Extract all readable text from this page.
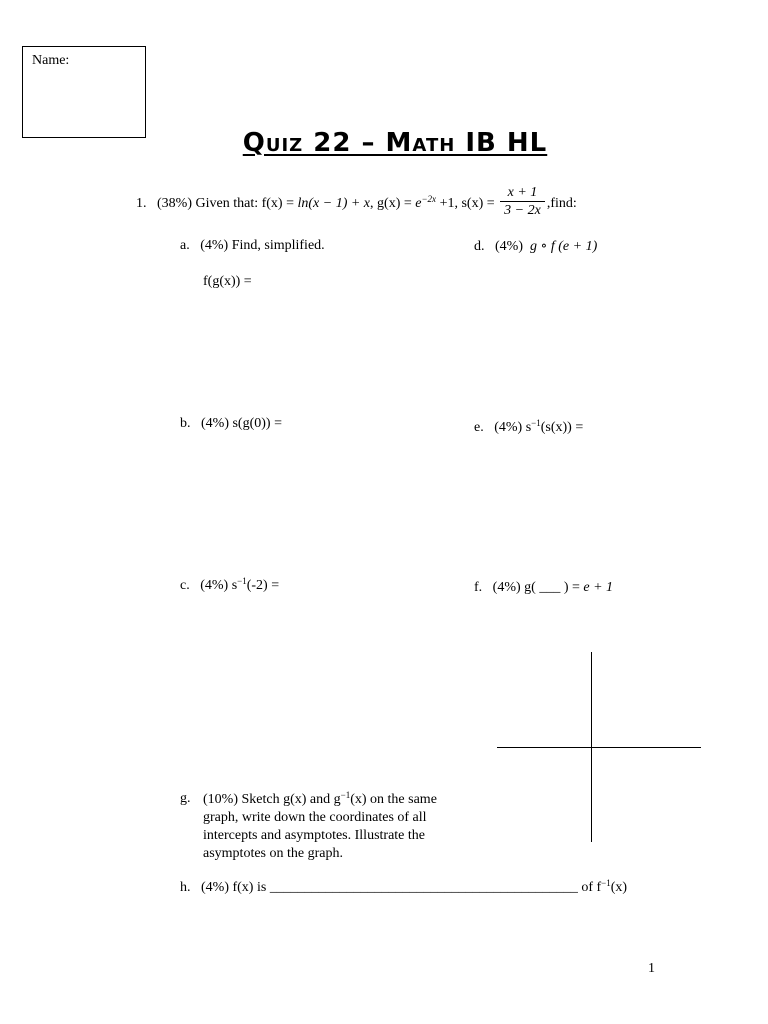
Name:
Quiz 22 – Math IB HL
1. (38%) Given that: f(x) = ln(x − 1) + x, $g(x) = e^{-2x} +1$, $s(x) = \frac{x + 1}{3 - 2x}$ ,find:
a. (4%) Find, simplified.
f(g(x)) =
d. (4%) g ∘ f (e + 1)
b. (4%) s(g(0)) =	e. (4%) $s^{-1}(s(x))$ =
c. (4%) $s^{-1}(-2)$ =	f. (4%) g( ___ ) = e + 1
g. (10%) Sketch g(x) and $g^{-1}(x)$ on the same graph, write down the coordinates of all intercepts and asymptotes. Illustrate the asymptotes on the graph.
h. (4%) f(x) is ____________________________________________ of $f^{-1}(x)$
1
